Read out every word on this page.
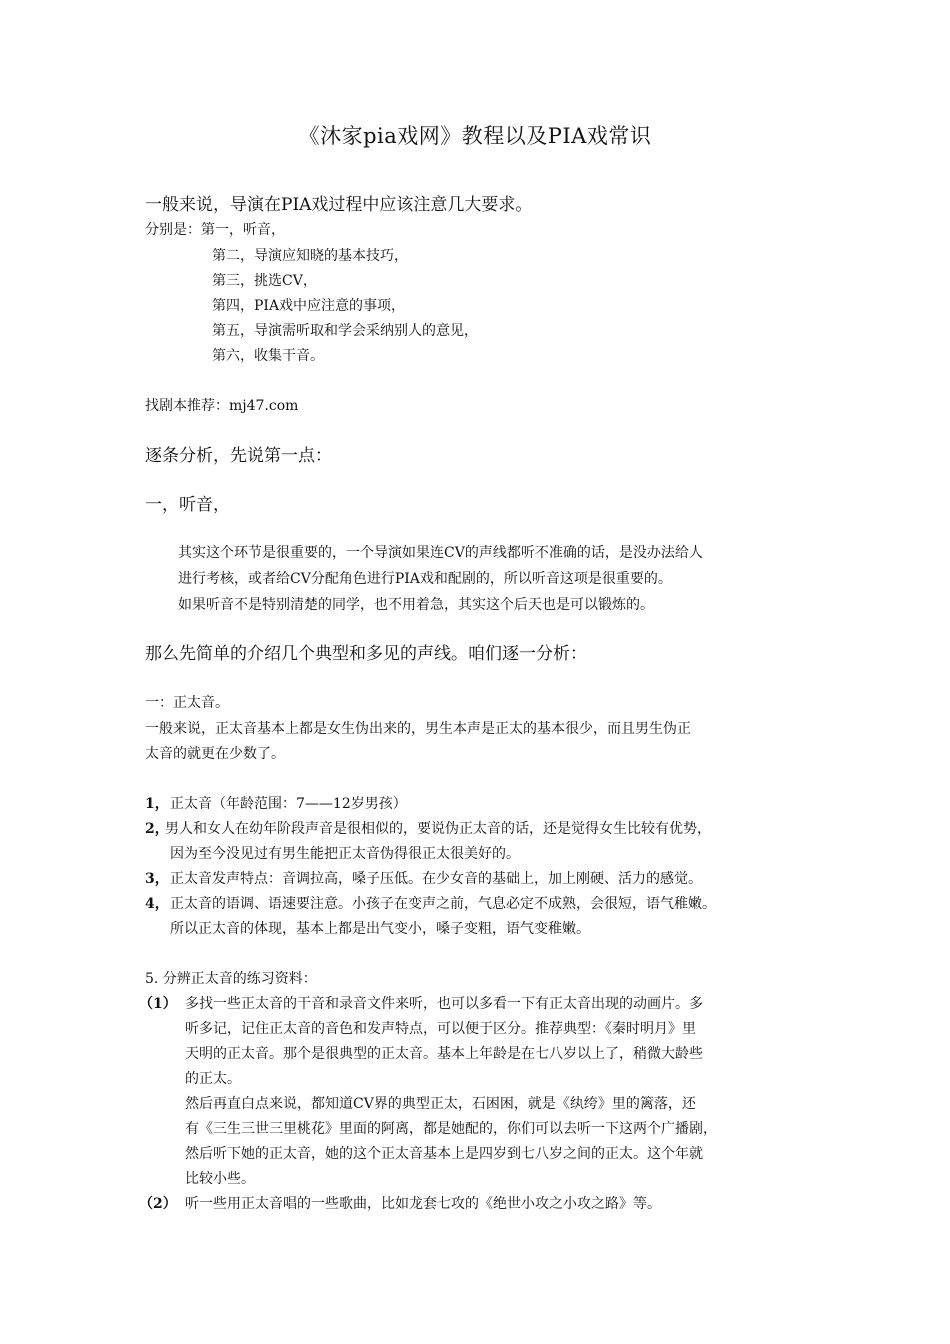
《沐家pia戏网》教程以及PIA戏常识
一般来说，导演在PIA戏过程中应该注意几大要求。
分别是：第一，听音，
第二，导演应知晓的基本技巧，
第三，挑选CV，
第四，PIA戏中应注意的事项，
第五，导演需听取和学会采纳别人的意见，
第六，收集干音。
找剧本推荐：mj47.com
逐条分析，先说第一点：
一，听音，
其实这个环节是很重要的，一个导演如果连CV的声线都听不准确的话，是没办法给人
进行考核，或者给CV分配角色进行PIA戏和配剧的，所以听音这项是很重要的。
如果听音不是特别清楚的同学，也不用着急，其实这个后天也是可以锻炼的。
那么先简单的介绍几个典型和多见的声线。咱们逐一分析：
一：正太音。
一般来说，正太音基本上都是女生伪出来的，男生本声是正太的基本很少，而且男生伪正
太音的就更在少数了。
1， 正太音（年龄范围：7——12岁男孩）
2，
男人和女人在幼年阶段声音是很相似的，要说伪正太音的话，还是觉得女生比较有优势，
因为至今没见过有男生能把正太音伪得很正太很美好的。
3， 正太音发声特点：音调拉高，嗓子压低。在少女音的基础上，加上刚硬、活力的感觉。
4， 正太音的语调、语速要注意。小孩子在变声之前，气息必定不成熟，会很短，语气稚嫩。
所以正太音的体现，基本上都是出气变小，嗓子变粗，语气变稚嫩。
5. 分辨正太音的练习资料：
（1） 多找一些正太音的干音和录音文件来听，也可以多看一下有正太音出现的动画片。多
听多记，记住正太音的音色和发声特点，可以便于区分。推荐典型：《秦时明月》里
天明的正太音。那个是很典型的正太音。基本上年龄是在七八岁以上了，稍微大龄些
的正太。
然后再直白点来说，都知道CV界的典型正太，石困困，就是《纨绔》里的篱落，还
有《三生三世三里桃花》里面的阿离，都是她配的，你们可以去听一下这两个广播剧，
然后听下她的正太音，她的这个正太音基本上是四岁到七八岁之间的正太。这个年就
比较小些。
（2） 听一些用正太音唱的一些歌曲，比如龙套七攻的《绝世小攻之小攻之路》等。
